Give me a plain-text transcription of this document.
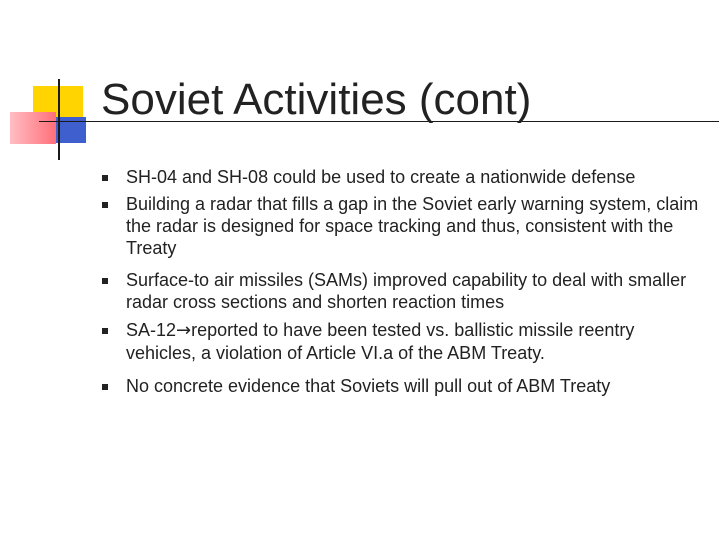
Soviet Activities (cont)
SH-04 and SH-08 could be used to create a nationwide defense
Building a radar that fills a gap in the Soviet early warning system, claim the radar is designed for space tracking and thus, consistent with the Treaty
Surface-to air missiles (SAMs) improved capability to deal with smaller radar cross sections and shorten reaction times
SA-12→reported to have been tested vs. ballistic missile reentry vehicles, a violation of Article VI.a of the ABM Treaty.
No concrete evidence that Soviets will pull out of ABM Treaty
